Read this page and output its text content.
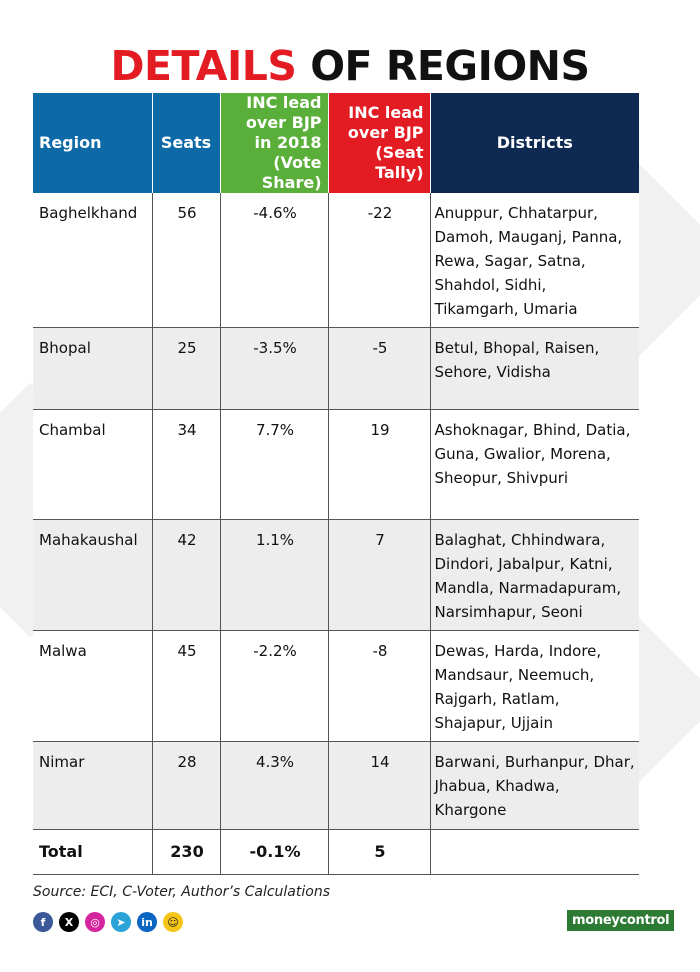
DETAILS OF REGIONS
Region	Seats	INC lead over BJP in 2018 (Vote Share)	INC lead over BJP (Seat Tally)	Districts
Baghelkhand	56	-4.6%	-22	Anuppur, Chhatarpur, Damoh, Mauganj, Panna, Rewa, Sagar, Satna, Shahdol, Sidhi, Tikamgarh, Umaria
Bhopal	25	-3.5%	-5	Betul, Bhopal, Raisen, Sehore, Vidisha
Chambal	34	7.7%	19	Ashoknagar, Bhind, Datia, Guna, Gwalior, Morena, Sheopur, Shivpuri
Mahakaushal	42	1.1%	7	Balaghat, Chhindwara, Dindori, Jabalpur, Katni, Mandla, Narmadapuram, Narsimhapur, Seoni
Malwa	45	-2.2%	-8	Dewas, Harda, Indore, Mandsaur, Neemuch, Rajgarh, Ratlam, Shajapur, Ujjain
Nimar	28	4.3%	14	Barwani, Burhanpur, Dhar, Jhabua, Khadwa, Khargone
Total	230	-0.1%	5	
Source: ECI, C-Voter, Author’s Calculations
f	X	◎	➤	in	☺	moneycontrol
